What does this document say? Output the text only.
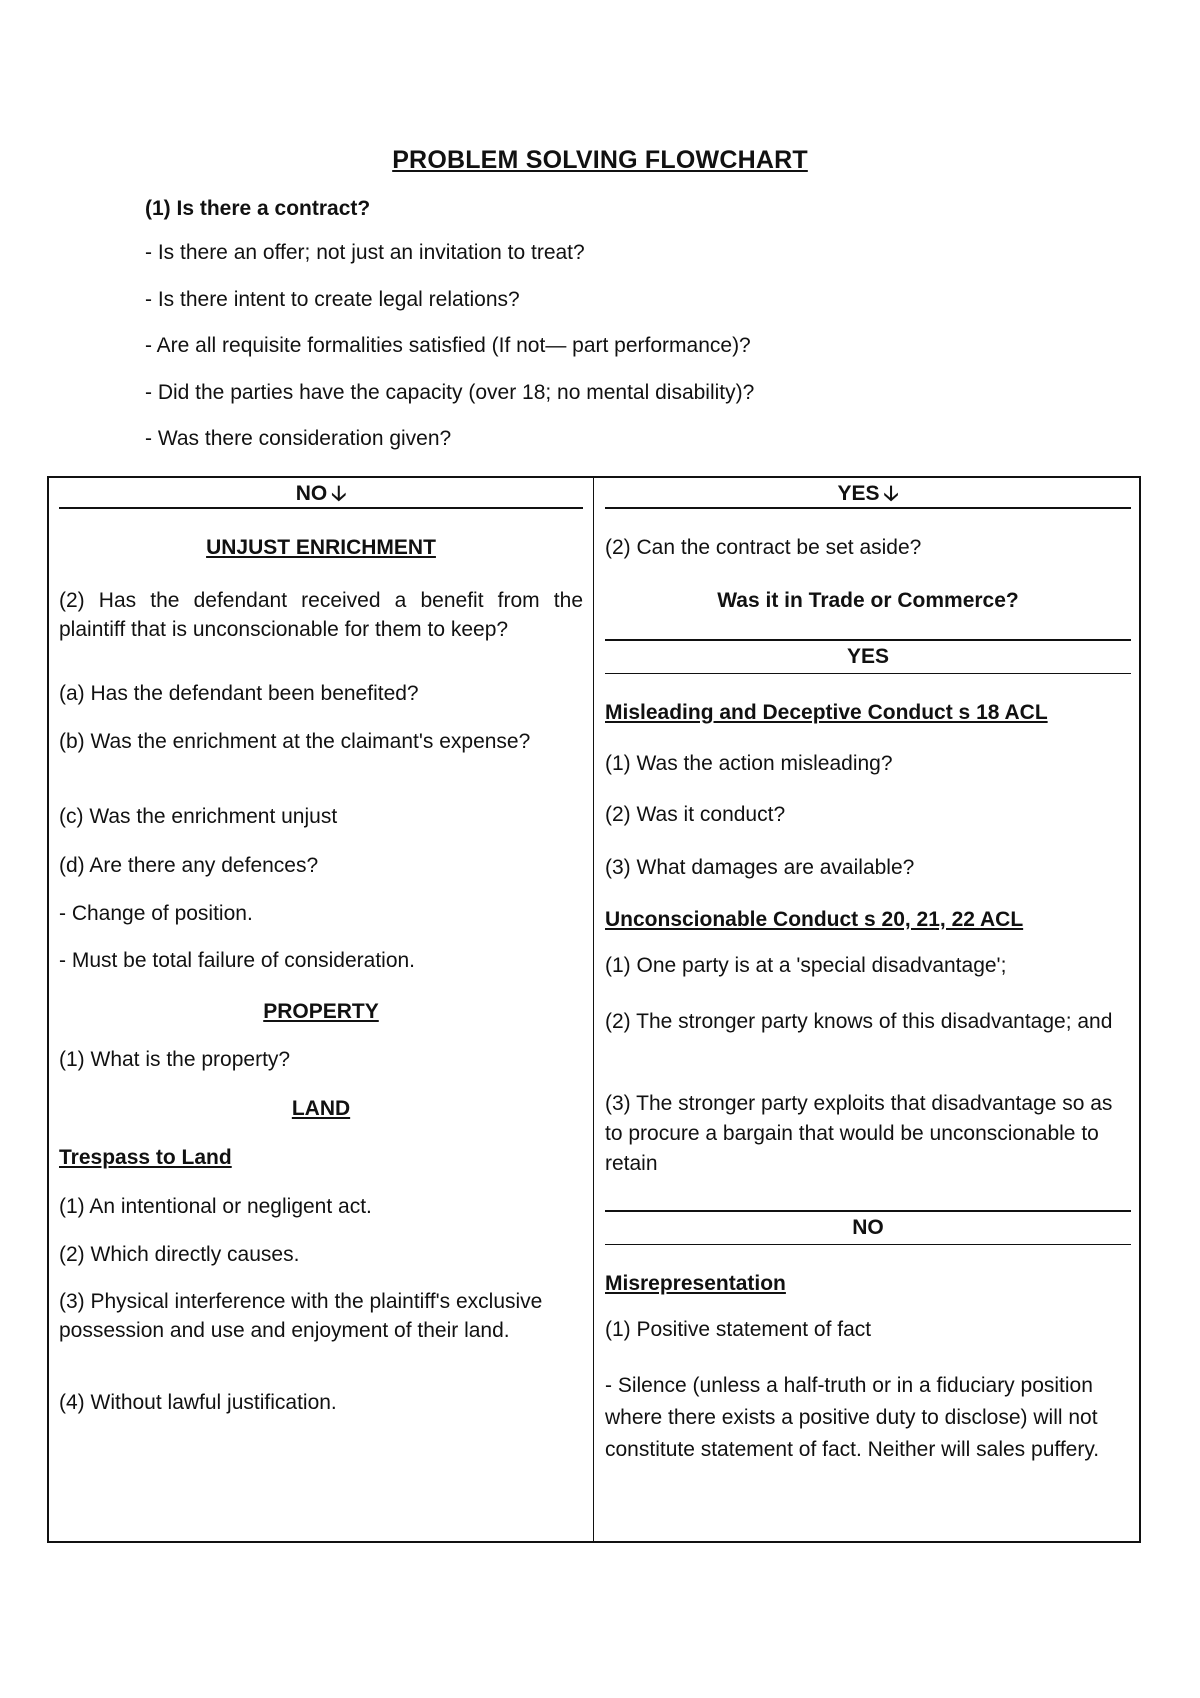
PROBLEM SOLVING FLOWCHART
(1) Is there a contract?
- Is there an offer; not just an invitation to treat?
- Is there intent to create legal relations?
- Are all requisite formalities satisfied (If not— part performance)?
- Did the parties have the capacity (over 18; no mental disability)?
- Was there consideration given?
NO 🡣
UNJUST ENRICHMENT
(2) Has the defendant received a benefit from the plaintiff that is unconscionable for them to keep?
(a) Has the defendant been benefited?
(b) Was the enrichment at the claimant's expense?
(c) Was the enrichment unjust
(d) Are there any defences?
- Change of position.
- Must be total failure of consideration.
PROPERTY
(1) What is the property?
LAND
Trespass to Land
(1) An intentional or negligent act.
(2) Which directly causes.
(3) Physical interference with the plaintiff's exclusive possession and use and enjoyment of their land.
(4) Without lawful justification.
YES 🡣
(2) Can the contract be set aside?
Was it in Trade or Commerce?
YES
Misleading and Deceptive Conduct s 18 ACL
(1) Was the action misleading?
(2) Was it conduct?
(3) What damages are available?
Unconscionable Conduct s 20, 21, 22 ACL
(1) One party is at a 'special disadvantage';
(2) The stronger party knows of this disadvantage; and
(3) The stronger party exploits that disadvantage so as to procure a bargain that would be unconscionable to retain
NO
Misrepresentation
(1) Positive statement of fact
- Silence (unless a half-truth or in a fiduciary position where there exists a positive duty to disclose) will not constitute statement of fact. Neither will sales puffery.
